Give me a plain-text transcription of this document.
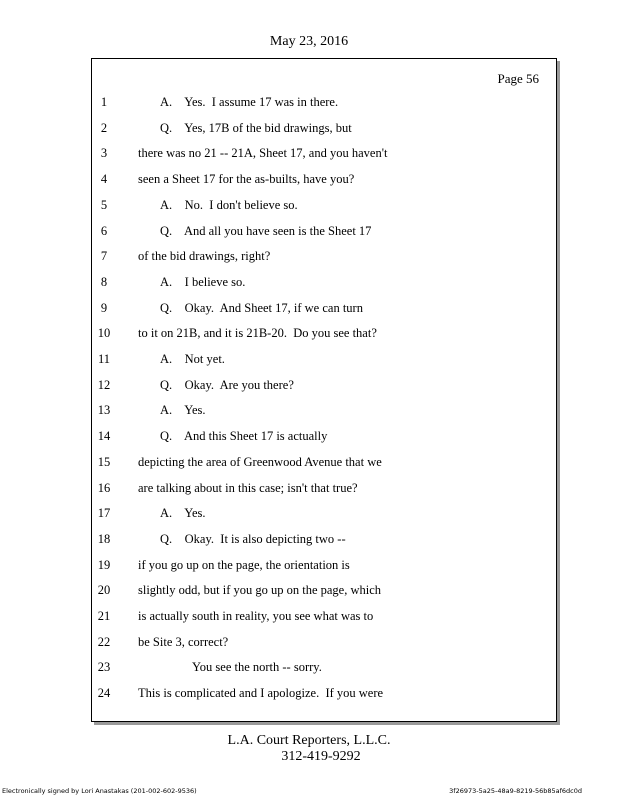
May 23, 2016
Page 56
1	A.    Yes.  I assume 17 was in there.
2	Q.    Yes, 17B of the bid drawings, but
3	there was no 21 -- 21A, Sheet 17, and you haven't
4	seen a Sheet 17 for the as-builts, have you?
5	A.    No.  I don't believe so.
6	Q.    And all you have seen is the Sheet 17
7	of the bid drawings, right?
8	A.    I believe so.
9	Q.    Okay.  And Sheet 17, if we can turn
10	to it on 21B, and it is 21B-20.  Do you see that?
11	A.    Not yet.
12	Q.    Okay.  Are you there?
13	A.    Yes.
14	Q.    And this Sheet 17 is actually
15	depicting the area of Greenwood Avenue that we
16	are talking about in this case; isn't that true?
17	A.    Yes.
18	Q.    Okay.  It is also depicting two --
19	if you go up on the page, the orientation is
20	slightly odd, but if you go up on the page, which
21	is actually south in reality, you see what was to
22	be Site 3, correct?
23	You see the north -- sorry.
24	This is complicated and I apologize.  If you were
L.A. Court Reporters, L.L.C.
312-419-9292
Electronically signed by Lori Anastakas (201-002-602-9536)	3f26973-5a25-48a9-8219-56b85af6dc0d
